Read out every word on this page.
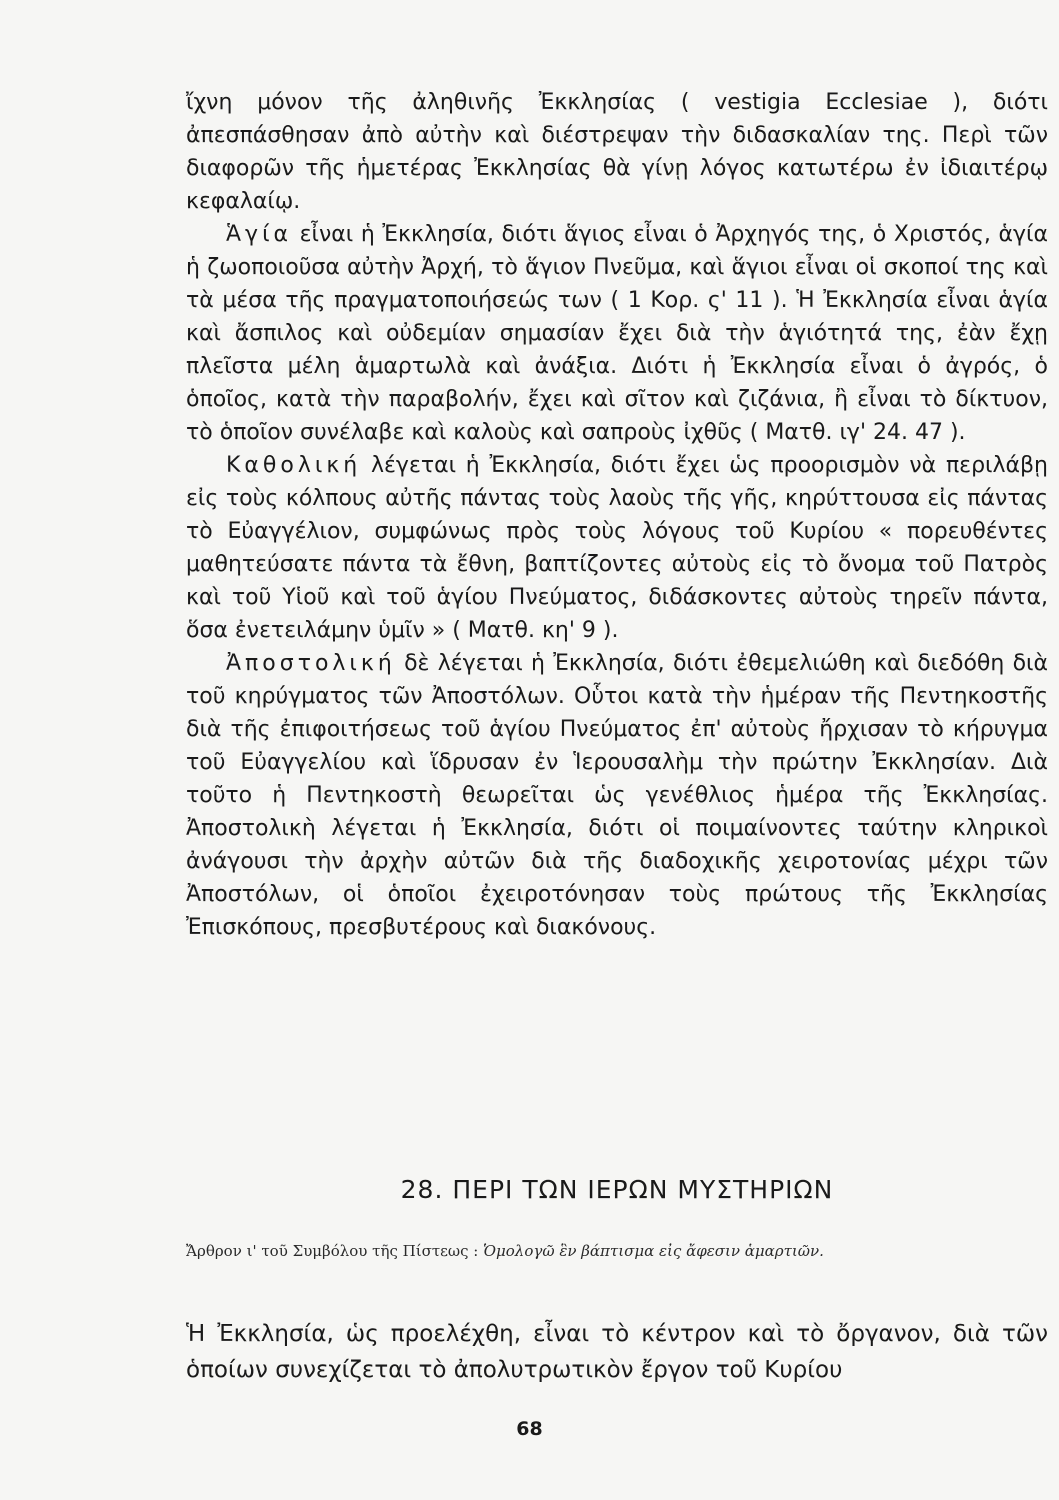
ἴχνη μόνον τῆς ἀληθινῆς Ἐκκλησίας ( vestigia Ecclesiae ), διότι ἀπεσπάσθησαν ἀπὸ αὐτὴν καὶ διέστρεψαν τὴν διδασκαλίαν της. Περὶ τῶν διαφορῶν τῆς ἡμετέρας Ἐκκλησίας θὰ γίνῃ λόγος κατωτέρω ἐν ἰδιαιτέρῳ κεφαλαίῳ.

Ἁγία εἶναι ἡ Ἐκκλησία, διότι ἅγιος εἶναι ὁ Ἀρχηγός της, ὁ Χριστός, ἁγία ἡ ζωοποιοῦσα αὐτὴν Ἀρχή, τὸ ἅγιον Πνεῦμα, καὶ ἅγιοι εἶναι οἱ σκοποί της καὶ τὰ μέσα τῆς πραγματοποιήσεώς των ( 1 Κορ. ς' 11 ). Ἡ Ἐκκλησία εἶναι ἁγία καὶ ἄσπιλος καὶ οὐδεμίαν σημασίαν ἔχει διὰ τὴν ἁγιότητά της, ἐὰν ἔχῃ πλεῖστα μέλη ἁμαρτωλὰ καὶ ἀνάξια. Διότι ἡ Ἐκκλησία εἶναι ὁ ἀγρός, ὁ ὁποῖος, κατὰ τὴν παραβολήν, ἔχει καὶ σῖτον καὶ ζιζάνια, ἢ εἶναι τὸ δίκτυον, τὸ ὁποῖον συνέλαβε καὶ καλοὺς καὶ σαπροὺς ἰχθῦς ( Ματθ. ιγ' 24. 47 ).

Καθολική λέγεται ἡ Ἐκκλησία, διότι ἔχει ὡς προορισμὸν νὰ περιλάβῃ εἰς τοὺς κόλπους αὐτῆς πάντας τοὺς λαοὺς τῆς γῆς, κηρύττουσα εἰς πάντας τὸ Εὐαγγέλιον, συμφώνως πρὸς τοὺς λόγους τοῦ Κυρίου « πορευθέντες μαθητεύσατε πάντα τὰ ἔθνη, βαπτίζοντες αὐτοὺς εἰς τὸ ὄνομα τοῦ Πατρὸς καὶ τοῦ Υἱοῦ καὶ τοῦ ἁγίου Πνεύματος, διδάσκοντες αὐτοὺς τηρεῖν πάντα, ὅσα ἐνετειλάμην ὑμῖν » ( Ματθ. κη' 9 ).

Ἀποστολική δὲ λέγεται ἡ Ἐκκλησία, διότι ἐθεμελιώθη καὶ διεδόθη διὰ τοῦ κηρύγματος τῶν Ἀποστόλων. Οὗτοι κατὰ τὴν ἡμέραν τῆς Πεντηκοστῆς διὰ τῆς ἐπιφοιτήσεως τοῦ ἁγίου Πνεύματος ἐπ' αὐτοὺς ἤρχισαν τὸ κήρυγμα τοῦ Εὐαγγελίου καὶ ἵδρυσαν ἐν Ἱερουσαλὴμ τὴν πρώτην Ἐκκλησίαν. Διὰ τοῦτο ἡ Πεντηκοστὴ θεωρεῖται ὡς γενέθλιος ἡμέρα τῆς Ἐκκλησίας. Ἀποστολικὴ λέγεται ἡ Ἐκκλησία, διότι οἱ ποιμαίνοντες ταύτην κληρικοὶ ἀνάγουσι τὴν ἀρχὴν αὐτῶν διὰ τῆς διαδοχικῆς χειροτονίας μέχρι τῶν Ἀποστόλων, οἱ ὁποῖοι ἐχειροτόνησαν τοὺς πρώτους τῆς Ἐκκλησίας Ἐπισκόπους, πρεσβυτέρους καὶ διακόνους.

28. ΠΕΡΙ ΤΩΝ ΙΕΡΩΝ ΜΥΣΤΗΡΙΩΝ
Ἄρθρον ι' τοῦ Συμβόλου τῆς Πίστεως : Ὁμολογῶ ἓν βάπτισμα εἰς ἄφεσιν ἁμαρτιῶν.
Ἡ Ἐκκλησία, ὡς προελέχθη, εἶναι τὸ κέντρον καὶ τὸ ὄργανον, διὰ τῶν ὁποίων συνεχίζεται τὸ ἀπολυτρωτικὸν ἔργον τοῦ Κυρίου
68
